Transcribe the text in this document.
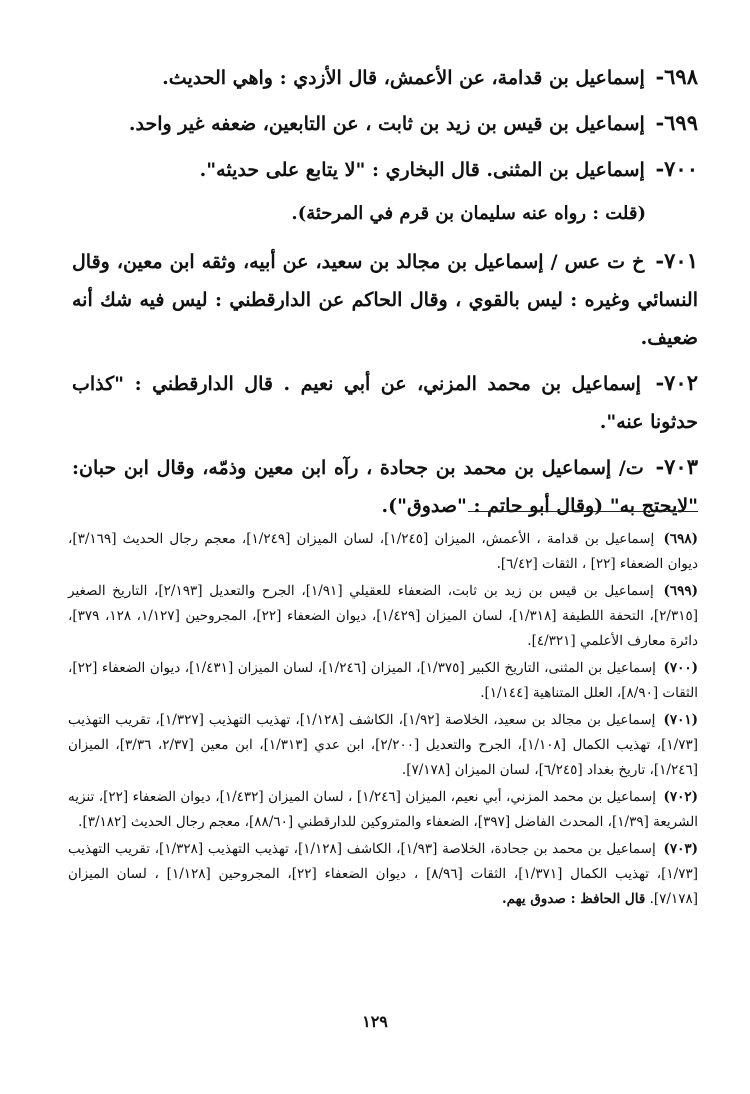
٦٩٨- إسماعيل بن قدامة، عن الأعمش، قال الأزدي : واهي الحديث.
٦٩٩- إسماعيل بن قيس بن زيد بن ثابت ، عن التابعين، ضعفه غير واحد.
٧٠٠- إسماعيل بن المثنى. قال البخاري : "لا يتابع على حديثه".
(قلت : رواه عنه سليمان بن قرم في المرحئة).
٧٠١- خ ت عس / إسماعيل بن مجالد بن سعيد، عن أبيه، وثقه ابن معين، وقال النسائي وغيره : ليس بالقوي ، وقال الحاكم عن الدارقطني : ليس فيه شك أنه ضعيف.
٧٠٢- إسماعيل بن محمد المزني، عن أبي نعيم . قال الدارقطني : "كذاب حدثونا عنه".
٧٠٣- ت/ إسماعيل بن محمد بن جحادة ، رآه ابن معين وذمّه، وقال ابن حبان: "لايحتج به" (وقال أبو حاتم : "صدوق").
(٦٩٨) إسماعيل بن قدامة ، الأعمش، الميزان [١/٢٤٥]، لسان الميزان [١/٢٤٩]، معجم رجال الحديث [٣/١٦٩]، ديوان الضعفاء [٢٢] ، الثقات [٦/٤٢].
(٦٩٩) إسماعيل بن قيس بن زيد بن ثابت، الضعفاء للعقيلي [١/٩١]، الجرح والتعديل [٢/١٩٣]، التاريخ الصغير [٢/٣١٥]، التحفة اللطيفة [١/٣١٨]، لسان الميزان [١/٤٢٩]، ديوان الضعفاء [٢٢]، المجروحين [١/١٢٧، ١٢٨، ٣٧٩]، دائرة معارف الأعلمي [٤/٣٢١].
(٧٠٠) إسماعيل بن المثنى، التاريخ الكبير [١/٣٧٥]، الميزان [١/٢٤٦]، لسان الميزان [١/٤٣١]، ديوان الضعفاء [٢٢]، الثقات [٨/٩٠]، العلل المتناهية [١/١٤٤].
(٧٠١) إسماعيل بن مجالد بن سعيد، الخلاصة [١/٩٢]، الكاشف [١/١٢٨]، تهذيب التهذيب [١/٣٢٧]، تقريب التهذيب [١/٧٣]، تهذيب الكمال [١/١٠٨]، الجرح والتعديل [٢/٢٠٠]، ابن عدي [١/٣١٣]، ابن معين [٢/٣٧، ٣/٣٦]، الميزان [١/٢٤٦]، تاريخ بغداد [٦/٢٤٥]، لسان الميزان [٧/١٧٨].
(٧٠٢) إسماعيل بن محمد المزني، أبي نعيم، الميزان [١/٢٤٦] ، لسان الميزان [١/٤٣٢]، ديوان الضعفاء [٢٢]، تنزيه الشريعة [١/٣٩]، المحدث الفاضل [٣٩٧]، الضعفاء والمتروكين للدارقطني [٨٨/٦٠]، معجم رجال الحديث [٣/١٨٢].
(٧٠٣) إسماعيل بن محمد بن جحادة، الخلاصة [١/٩٣]، الكاشف [١/١٢٨]، تهذيب التهذيب [١/٣٢٨]، تقريب التهذيب [١/٧٣]، تهذيب الكمال [١/٣٧١]، الثقات [٨/٩٦] ، ديوان الضعفاء [٢٢]، المجروحين [١/١٢٨] ، لسان الميزان [٧/١٧٨]. قال الحافظ : صدوق يهم.
١٢٩
